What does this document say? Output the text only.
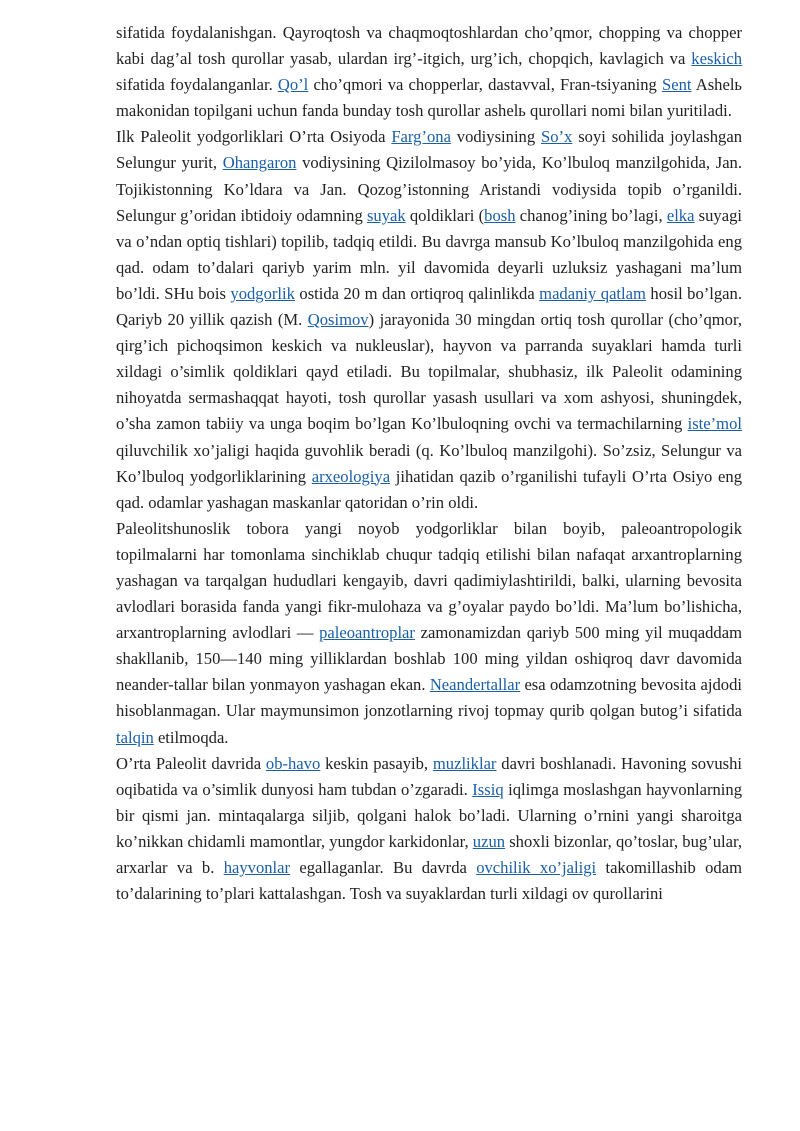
sifatida foydalanishgan. Qayroqtosh va chaqmoqtoshlardan cho’qmor, chopping va chopper kabi dag’al tosh qurollar yasab, ulardan irg’-itgich, urg’ich, chopqich, kavlagich va keskich sifatida foydalanganlar. Qo’l cho’qmori va chopperlar, dastavval, Fran-tsiyaning Sent Ashelь makonidan topilgani uchun fanda bunday tosh qurollar ashelь qurollari nomi bilan yuritiladi.

Ilk Paleolit yodgorliklari O’rta Osiyoda Farg’ona vodiysining So’x soyi sohilida joylashgan Selungur yurit, Ohangaron vodiysining Qizilolmasoy bo’yida, Ko’lbuloq manzilgohida, Jan. Tojikistonning Ko’ldara va Jan. Qozog’istonning Aristandi vodiysida topib o’rganildi. Selungur g’oridan ibtidoiy odamning suyak qoldiklari (bosh chanog’ining bo’lagi, elka suyagi va o’ndan optiq tishlari) topilib, tadqiq etildi. Bu davrga mansub Ko’lbuloq manzilgohida eng qad. odam to’dalari qariyb yarim mln. yil davomida deyarli uzluksiz yashagani ma’lum bo’ldi. SHu bois yodgorlik ostida 20 m dan ortiqroq qalinlikda madaniy qatlam hosil bo’lgan. Qariyb 20 yillik qazish (M. Qosimov) jarayonida 30 mingdan ortiq tosh qurollar (cho’qmor, qirg’ich pichoqsimon keskich va nukleuslar), hayvon va parranda suyaklari hamda turli xildagi o’simlik qoldiklari qayd etiladi. Bu topilmalar, shubhasiz, ilk Paleolit odamining nihoyatda sermashaqqat hayoti, tosh qurollar yasash usullari va xom ashyosi, shuningdek, o’sha zamon tabiiy va unga boqim bo’lgan Ko’lbuloqning ovchi va termachilarning iste’mol qiluvchilik xo’jaligi haqida guvohlik beradi (q. Ko’lbuloq manzilgohi). So’zsiz, Selungur va Ko’lbuloq yodgorliklarining arxeologiya jihatidan qazib o’rganilishi tufayli O’rta Osiyo eng qad. odamlar yashagan maskanlar qatoridan o’rin oldi.

Paleolitshunoslik tobora yangi noyob yodgorliklar bilan boyib, paleoantropologik topilmalarni har tomonlama sinchiklab chuqur tadqiq etilishi bilan nafaqat arxantroplarning yashagan va tarqalgan hududlari kengayib, davri qadimiylashtirildi, balki, ularning bevosita avlodlari borasida fanda yangi fikr-mulohaza va g’oyalar paydo bo’ldi. Ma’lum bo’lishicha, arxantroplarning avlodlari — paleoantroplar zamonamizdan qariyb 500 ming yil muqaddam shakllanib, 150—140 ming yilliklardan boshlab 100 ming yildan oshiqroq davr davomida neander-tallar bilan yonmayon yashagan ekan. Neandertallar esa odamzotning bevosita ajdodi hisoblanmagan. Ular maymunsimon jonzotlarning rivoj topmay qurib qolgan butog’i sifatida talqin etilmoqda.

O’rta Paleolit davrida ob-havo keskin pasayib, muzliklar davri boshlanadi. Havoning sovushi oqibatida va o’simlik dunyosi ham tubdan o’zgaradi. Issiq iqlimga moslashgan hayvonlarning bir qismi jan. mintaqalarga siljib, qolgani halok bo’ladi. Ularning o’rnini yangi sharoitga ko’nikkan chidamli mamontlar, yungdor karkidonlar, uzun shoxli bizonlar, qo’toslar, bug’ular, arxarlar va b. hayvonlar egallaganlar. Bu davrda ovchilik xo’jaligi takomillashib odam to’dalarining to’plari kattalashgan. Tosh va suyaklardan turli xildagi ov qurollarini
